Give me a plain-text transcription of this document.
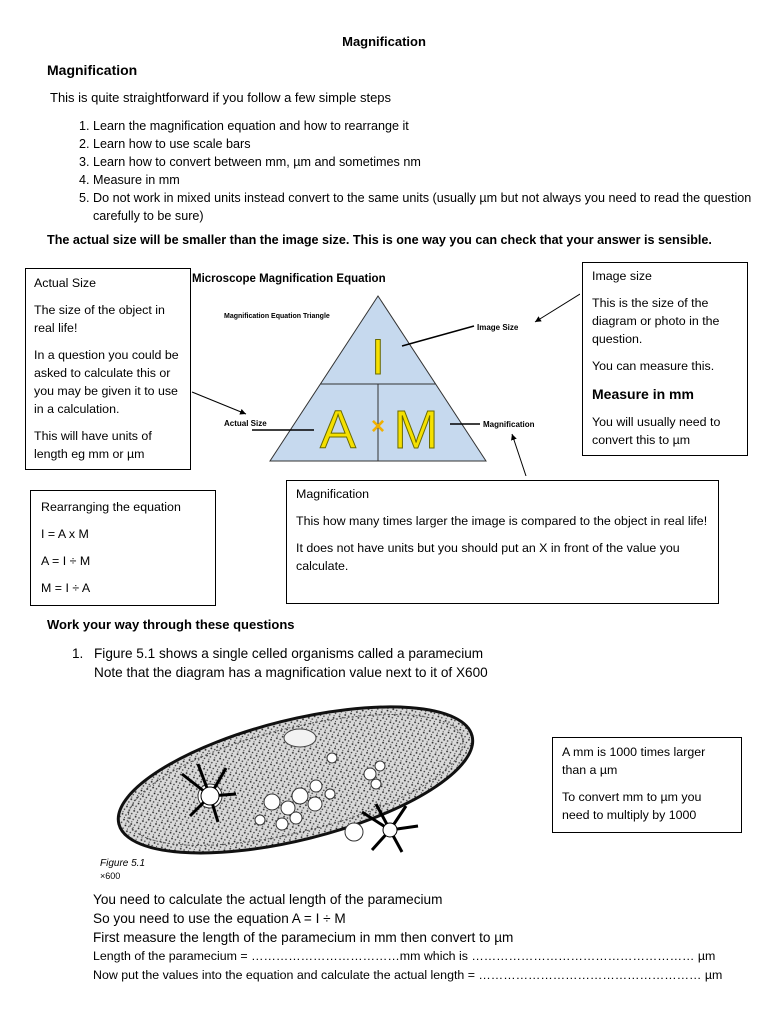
Magnification
Magnification
This is quite straightforward if you follow a few simple steps
1. Learn the magnification equation and how to rearrange it
2. Learn how to use scale bars
3. Learn how to convert between mm, µm and sometimes nm
4. Measure in mm
5. Do not work in mixed units instead convert to the same units (usually µm but not always you need to read the question carefully to be sure)
The actual size will be smaller than the image size. This is one way you can check that your answer is sensible.

Actual Size

The size of the object in real life!

In a question you could be asked to calculate this or you may be given it to use in a calculation.

This will have units of length eg mm or µm

Microscope Magnification Equation
Magnification Equation Triangle
I
A × M
Image Size
Actual Size	Magnification

Image size

This is the size of the diagram or photo in the question.

You can measure this.

Measure in mm

You will usually need to convert this to µm

Rearranging the equation

I = A x M

A = I ÷ M

M = I ÷ A

Magnification

This how many times larger the image is compared to the object in real life!

It does not have units but you should put an X in front of the value you calculate.

Work your way through these questions
1. Figure 5.1 shows a single celled organisms called a paramecium
Note that the diagram has a magnification value next to it of X600
Figure 5.1
×600

A mm is 1000 times larger than a µm

To convert mm to µm you need to multiply by 1000

You need to calculate the actual length of the paramecium
So you need to use the equation A = I ÷ M
First measure the length of the paramecium in mm then convert to µm
Length of the paramecium = ………………………………mm which is ……………………………………………… µm
Now put the values into the equation and calculate the actual length = ……………………………………………… µm
